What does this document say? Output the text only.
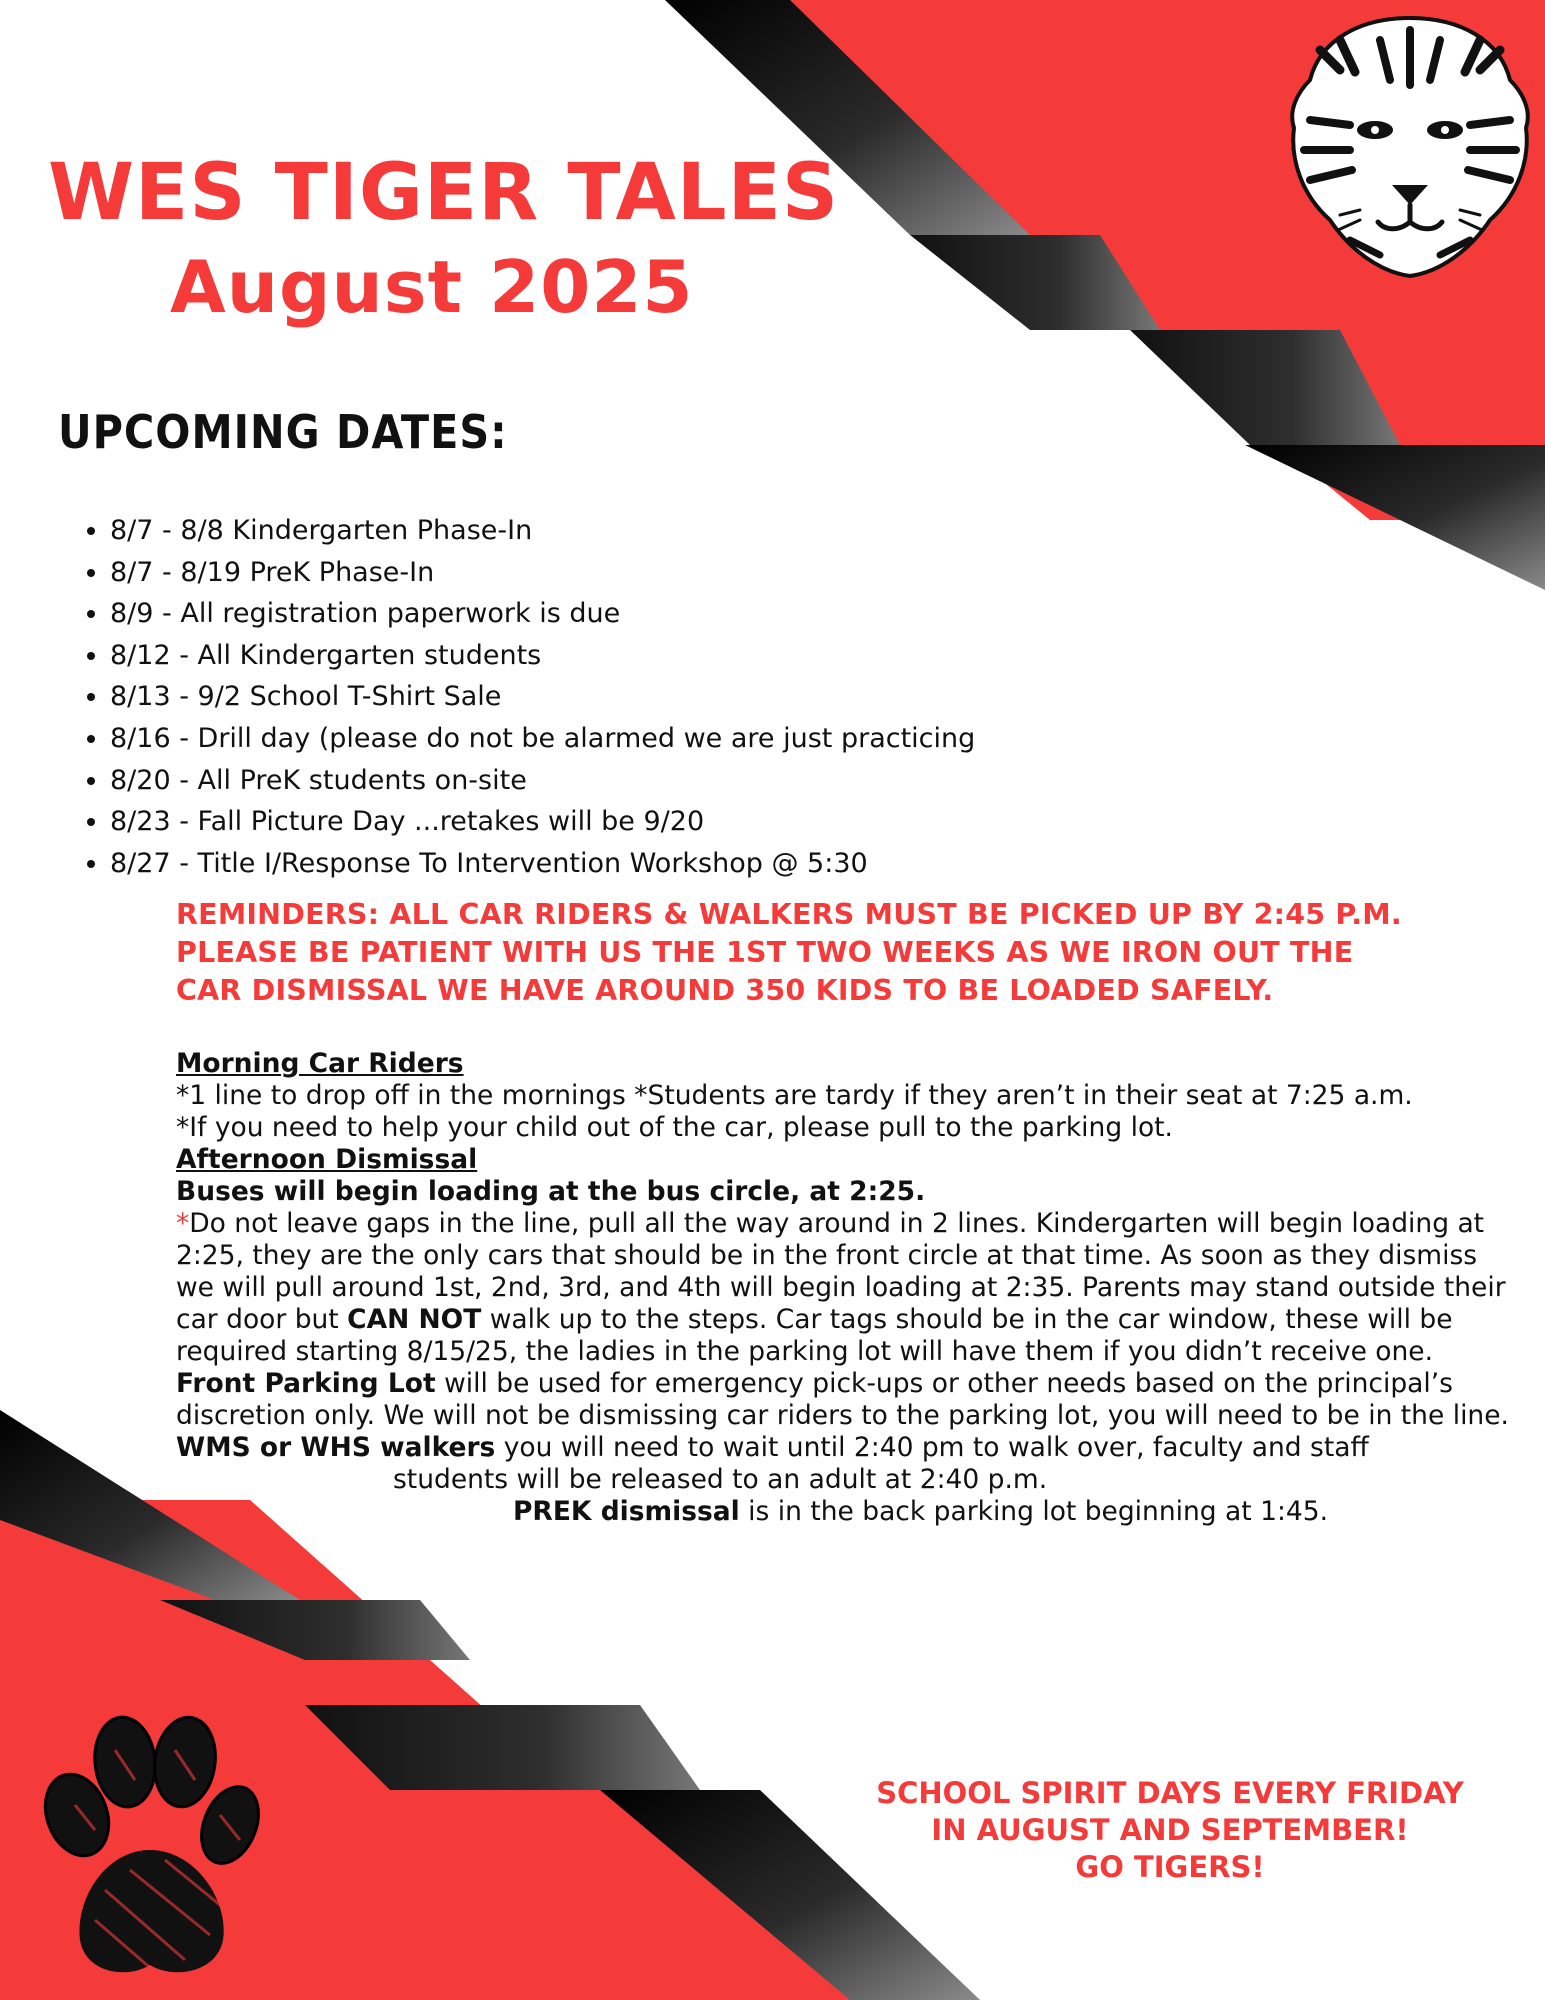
WES TIGER TALES
August 2025
UPCOMING DATES:
• 8/7 - 8/8 Kindergarten Phase-In
• 8/7 - 8/19 PreK Phase-In
• 8/9 - All registration paperwork is due
• 8/12 - All Kindergarten students
• 8/13 - 9/2 School T-Shirt Sale
• 8/16 - Drill day (please do not be alarmed we are just practicing
• 8/20 - All PreK students on-site
• 8/23 - Fall Picture Day ...retakes will be 9/20
• 8/27 - Title I/Response To Intervention Workshop @ 5:30
REMINDERS: ALL CAR RIDERS & WALKERS MUST BE PICKED UP BY 2:45 P.M.
PLEASE BE PATIENT WITH US THE 1ST TWO WEEKS AS WE IRON OUT THE
CAR DISMISSAL WE HAVE AROUND 350 KIDS TO BE LOADED SAFELY.

Morning Car Riders

*1 line to drop off in the mornings *Students are tardy if they aren’t in their seat at 7:25 a.m.

*If you need to help your child out of the car, please pull to the parking lot.

Afternoon Dismissal

Buses will begin loading at the bus circle, at 2:25.

*Do not leave gaps in the line, pull all the way around in 2 lines. Kindergarten will begin loading at 2:25, they are the only cars that should be in the front circle at that time. As soon as they dismiss we will pull around 1st, 2nd, 3rd, and 4th will begin loading at 2:35. Parents may stand outside their car door but CAN NOT walk up to the steps. Car tags should be in the car window, these will be required starting 8/15/25, the ladies in the parking lot will have them if you didn’t receive one.

Front Parking Lot will be used for emergency pick-ups or other needs based on the principal’s discretion only. We will not be dismissing car riders to the parking lot, you will need to be in the line.

WMS or WHS walkers you will need to wait until 2:40 pm to walk over, faculty and staff

students will be released to an adult at 2:40 p.m.

PREK dismissal is in the back parking lot beginning at 1:45.

SCHOOL SPIRIT DAYS EVERY FRIDAY
IN AUGUST AND SEPTEMBER!
GO TIGERS!
